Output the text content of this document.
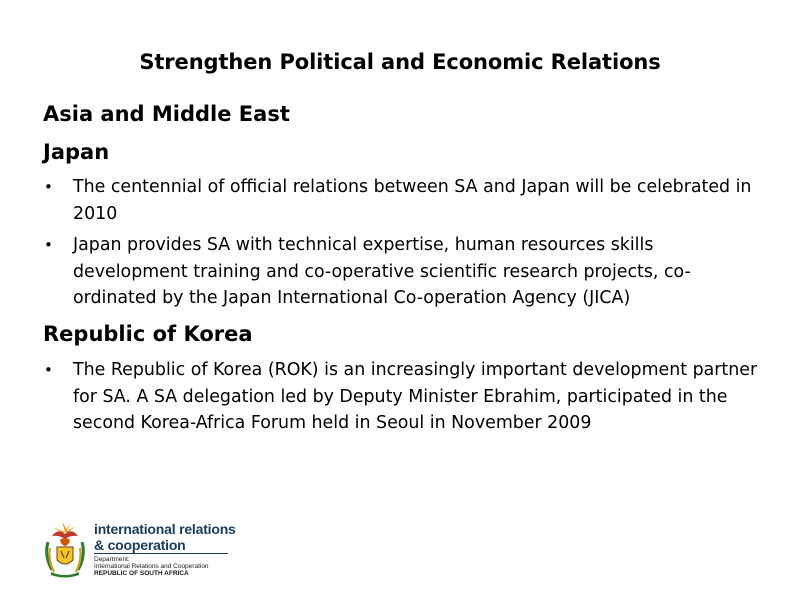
Strengthen Political and Economic Relations
Asia and Middle East
Japan
• The centennial of official relations between SA and Japan will be celebrated in 2010
• Japan provides SA with technical expertise, human resources skills development training and co-operative scientific research projects, co-ordinated by the Japan International Co-operation Agency (JICA)
Republic of Korea
• The Republic of Korea (ROK) is an increasingly important development partner for SA. A SA delegation led by Deputy Minister Ebrahim, participated in the second Korea-Africa Forum held in Seoul in November 2009
international relations
& cooperation
Department:
International Relations and Cooperation
REPUBLIC OF SOUTH AFRICA
